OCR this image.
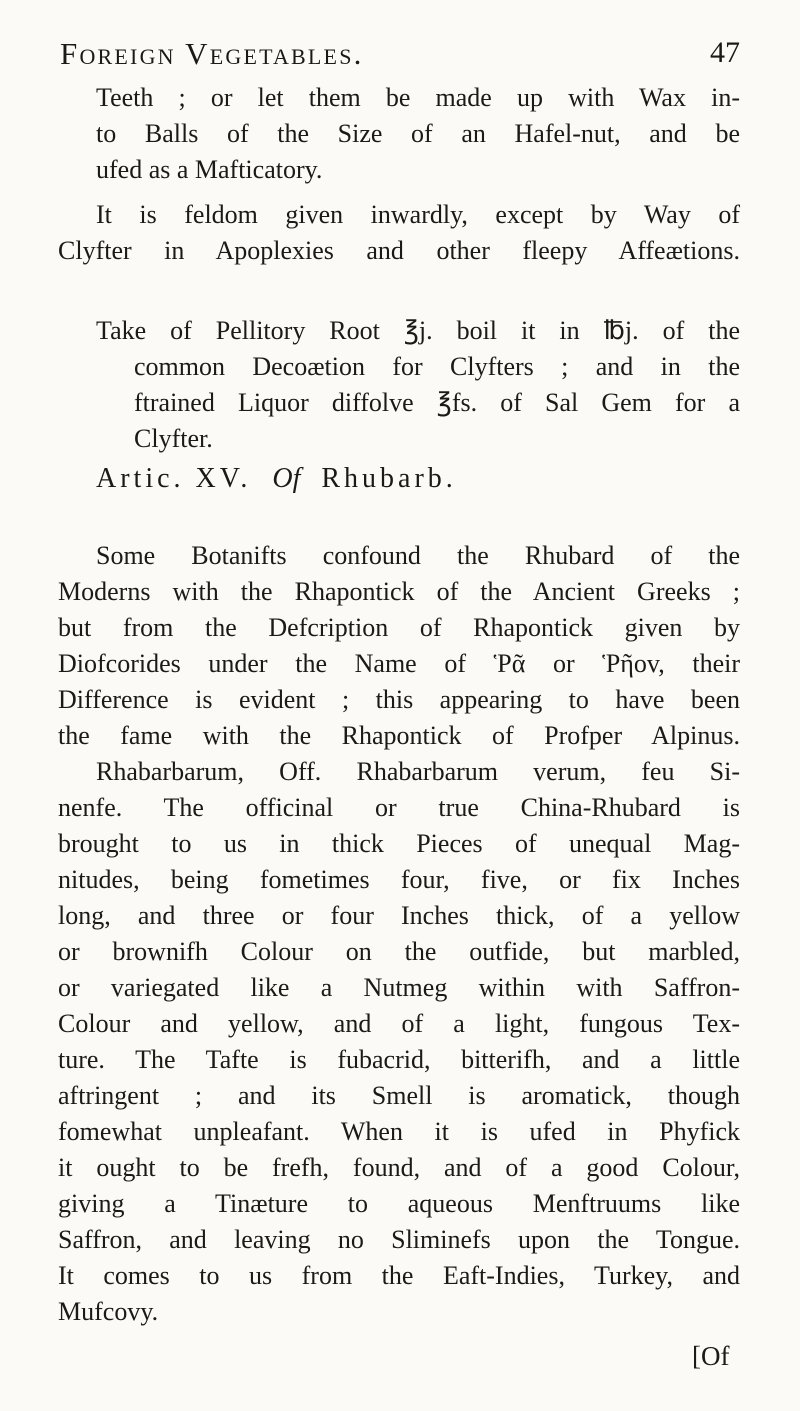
Foreign Vegetables.	47
Teeth ; or let them be made up with Wax in-
to Balls of the Size of an Hafel-nut, and be
ufed as a Mafticatory.
It is feldom given inwardly, except by Way of
Clyfter in Apoplexies and other fleepy Affeætions.
Take of Pellitory Root ℥j. boil it in ℔j. of the
common Decoætion for Clyfters ; and in the
ftrained Liquor diffolve ℥fs. of Sal Gem for a
Clyfter.
Artic. XV. Of Rhubarb.
Some Botanifts confound the Rhubard of the
Moderns with the Rhapontick of the Ancient Greeks ;
but from the Defcription of Rhapontick given by
Diofcorides under the Name of Ῥᾶ or Ῥῆov, their
Difference is evident ; this appearing to have been
the fame with the Rhapontick of Profper Alpinus.
Rhabarbarum, Off. Rhabarbarum verum, feu Si-
nenfe. The officinal or true China-Rhubard is
brought to us in thick Pieces of unequal Mag-
nitudes, being fometimes four, five, or fix Inches
long, and three or four Inches thick, of a yellow
or brownifh Colour on the outfide, but marbled,
or variegated like a Nutmeg within with Saffron-
Colour and yellow, and of a light, fungous Tex-
ture. The Tafte is fubacrid, bitterifh, and a little
aftringent ; and its Smell is aromatick, though
fomewhat unpleafant. When it is ufed in Phyfick
it ought to be frefh, found, and of a good Colour,
giving a Tinæture to aqueous Menftruums like
Saffron, and leaving no Sliminefs upon the Tongue.
It comes to us from the Eaft-Indies, Turkey, and
Mufcovy.
[Of
